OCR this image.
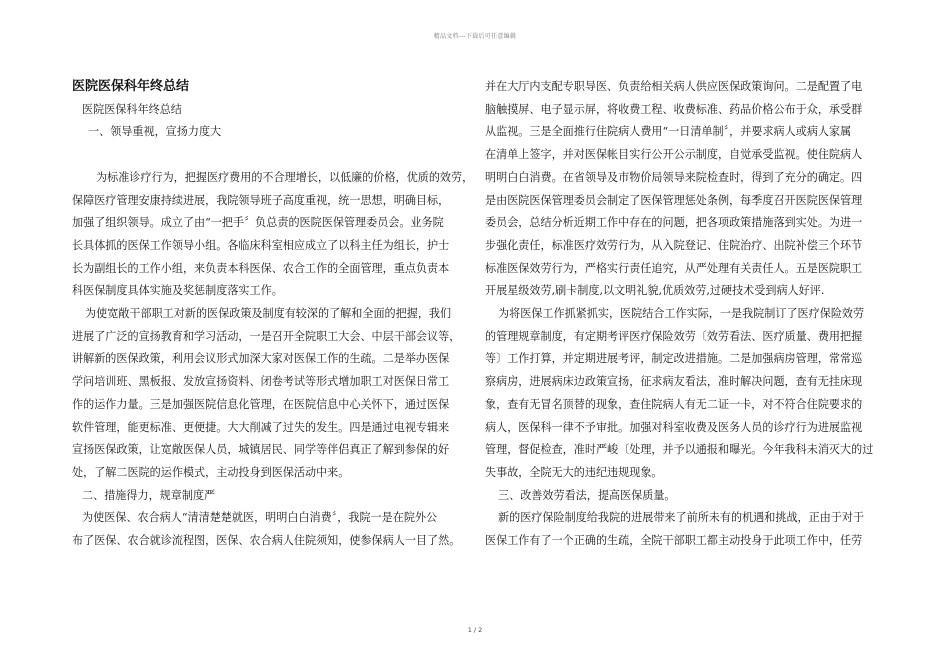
精品文档---下载后可任意编辑

医院医保科年终总结

医院医保科年终总结

一、领导重视，宣扬力度大

为标准诊疗行为，把握医疗费用的不合理增长，以低廉的价格，优质的效劳，

保障医疗管理安康持续进展，我院领导班子高度重视，统一思想，明确目标，

加强了组织领导。成立了由“一把手〞负总责的医院医保管理委员会。业务院

长具体抓的医保工作领导小组。各临床科室相应成立了以科主任为组长，护士

长为副组长的工作小组，来负责本科医保、农合工作的全面管理，重点负责本

科医保制度具体实施及奖惩制度落实工作。

为使宽敞干部职工对新的医保政策及制度有较深的了解和全面的把握，我们

进展了广泛的宣扬教育和学习活动，一是召开全院职工大会、中层干部会议等，

讲解新的医保政策，利用会议形式加深大家对医保工作的生疏。二是举办医保

学问培训班、黑板报、发放宣扬资料、闭卷考试等形式增加职工对医保日常工

作的运作力量。三是加强医院信息化管理，在医院信息中心关怀下，通过医保

软件管理，能更标准、更便捷。大大削减了过失的发生。四是通过电视专辑来

宣扬医保政策，让宽敞医保人员，城镇居民、同学等伴侣真正了解到参保的好

处，了解二医院的运作模式，主动投身到医保活动中来。

二、措施得力，规章制度严

为使医保、农合病人“清清楚楚就医，明明白白消费〞，我院一是在院外公

布了医保、农合就诊流程图，医保、农合病人住院须知，使参保病人一目了然。

并在大厅内支配专职导医、负责给相关病人供应医保政策询问。二是配置了电

脑触摸屏、电子显示屏，将收费工程、收费标准、药品价格公布于众，承受群

从监视。三是全面推行住院病人费用“一日清单制〞，并要求病人或病人家属

在清单上签字，并对医保帐目实行公开公示制度，自觉承受监视。使住院病人

明明白白消费。在省领导及市物价局领导来院检查时，得到了充分的确定。四

是由医院医保管理委员会制定了医保管理惩处条例，每季度召开医院医保管理

委员会，总结分析近期工作中存在的问题，把各项政策措施落到实处。为进一

步强化责任，标准医疗效劳行为，从入院登记、住院治疗、出院补偿三个环节

标准医保效劳行为，严格实行责任追究，从严处理有关责任人。五是医院职工

开展星级效劳,刷卡制度,以文明礼貌,优质效劳,过硬技术受到病人好评.

为将医保工作抓紧抓实，医院结合工作实际，一是我院制订了医疗保险效劳

的管理规章制度，有定期考评医疗保险效劳〔效劳看法、医疗质量、费用把握

等〕工作打算，并定期进展考评，制定改进措施。二是加强病房管理，常常巡

察病房，进展病床边政策宣扬，征求病友看法，准时解决问题，查有无挂床现

象，查有无冒名顶替的现象，查住院病人有无二证一卡，对不符合住院要求的

病人，医保科一律不予审批。加强对科室收费及医务人员的诊疗行为进展监视

管理，督促检查，准时严峻〔处理，并予以通报和曝光。今年我科未消灭大的过

失事故，全院无大的违纪违规现象。

三、改善效劳看法，提高医保质量。

新的医疗保险制度给我院的进展带来了前所未有的机遇和挑战，正由于对于

医保工作有了一个正确的生疏，全院干部职工都主动投身于此项工作中，任劳

1 / 2
